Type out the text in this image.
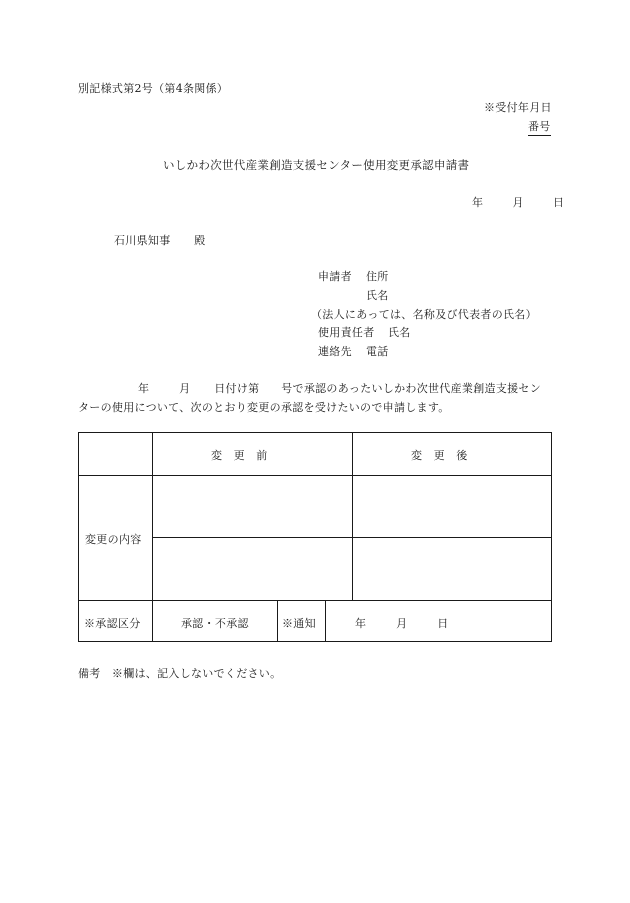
別記様式第2号（第4条関係）
※受付年月日
番号
いしかわ次世代産業創造支援センター使用変更承認申請書
年	月	日
石川県知事 殿
申請者 住所
氏名
（法人にあっては、名称及び代表者の氏名）
使用責任者 氏名
連絡先 電話
年	月 日付け第 号で承認のあったいしかわ次世代産業創造支援セン
ターの使用について、次のとおり変更の承認を受けたいので申請します。
変　更　前	変　更　後
変更の内容
※承認区分	承認・不承認	※通知	年	月	日
備考　※欄は、記入しないでください。
